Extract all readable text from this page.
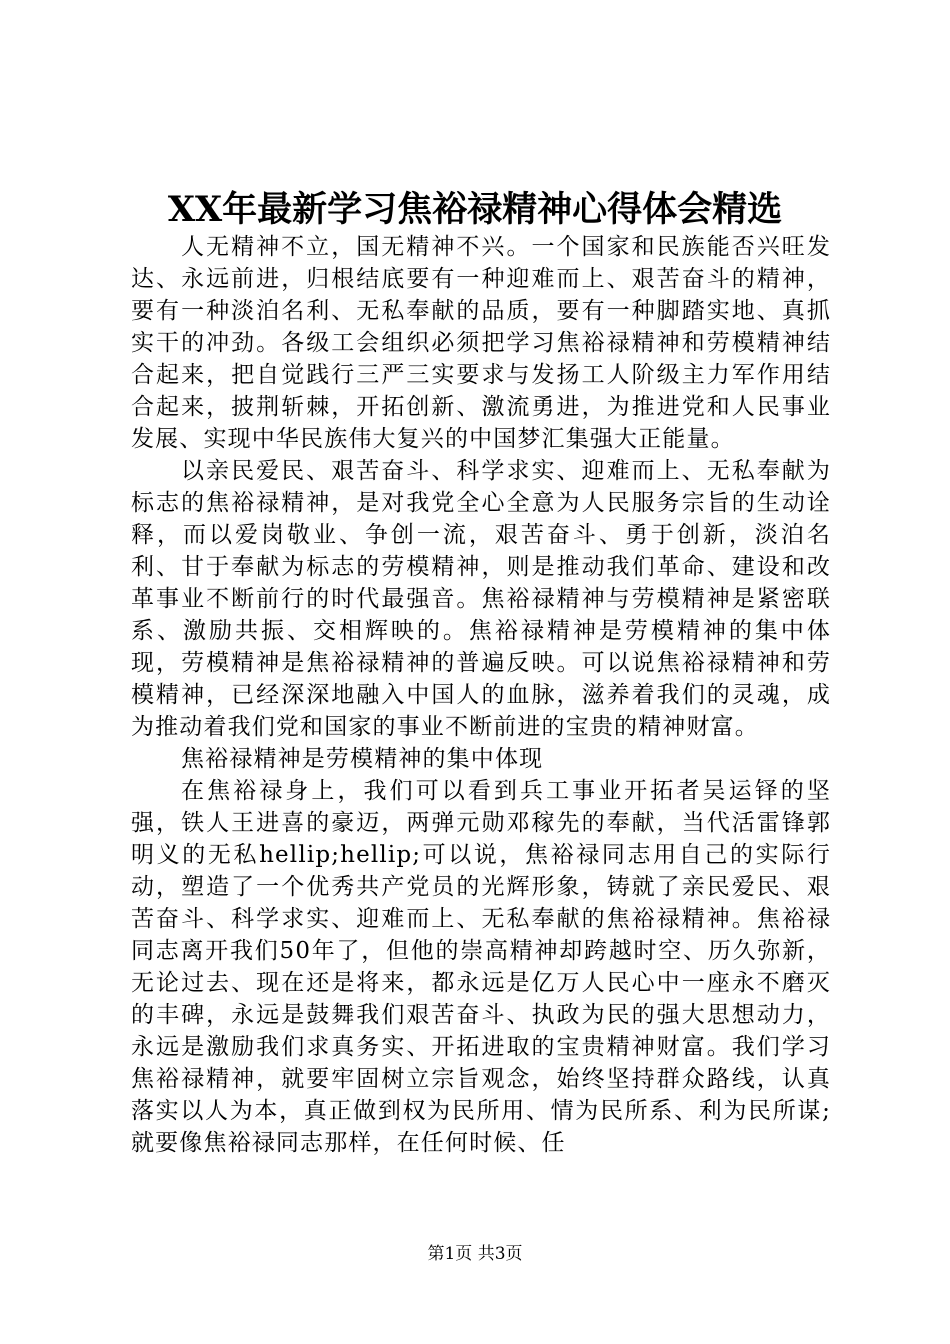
XX年最新学习焦裕禄精神心得体会精选

人无精神不立，国无精神不兴。一个国家和民族能否兴旺发达、永远前进，归根结底要有一种迎难而上、艰苦奋斗的精神，要有一种淡泊名利、无私奉献的品质，要有一种脚踏实地、真抓实干的冲劲。各级工会组织必须把学习焦裕禄精神和劳模精神结合起来，把自觉践行三严三实要求与发扬工人阶级主力军作用结合起来，披荆斩棘，开拓创新、激流勇进，为推进党和人民事业发展、实现中华民族伟大复兴的中国梦汇集强大正能量。

以亲民爱民、艰苦奋斗、科学求实、迎难而上、无私奉献为标志的焦裕禄精神，是对我党全心全意为人民服务宗旨的生动诠释，而以爱岗敬业、争创一流，艰苦奋斗、勇于创新，淡泊名利、甘于奉献为标志的劳模精神，则是推动我们革命、建设和改革事业不断前行的时代最强音。焦裕禄精神与劳模精神是紧密联系、激励共振、交相辉映的。焦裕禄精神是劳模精神的集中体现，劳模精神是焦裕禄精神的普遍反映。可以说焦裕禄精神和劳模精神，已经深深地融入中国人的血脉，滋养着我们的灵魂，成为推动着我们党和国家的事业不断前进的宝贵的精神财富。

焦裕禄精神是劳模精神的集中体现

在焦裕禄身上，我们可以看到兵工事业开拓者吴运铎的坚强，铁人王进喜的豪迈，两弹元勋邓稼先的奉献，当代活雷锋郭明义的无私hellip;hellip;可以说，焦裕禄同志用自己的实际行动，塑造了一个优秀共产党员的光辉形象，铸就了亲民爱民、艰苦奋斗、科学求实、迎难而上、无私奉献的焦裕禄精神。焦裕禄同志离开我们50年了，但他的崇高精神却跨越时空、历久弥新，无论过去、现在还是将来，都永远是亿万人民心中一座永不磨灭的丰碑，永远是鼓舞我们艰苦奋斗、执政为民的强大思想动力，永远是激励我们求真务实、开拓进取的宝贵精神财富。我们学习焦裕禄精神，就要牢固树立宗旨观念，始终坚持群众路线，认真落实以人为本，真正做到权为民所用、情为民所系、利为民所谋;就要像焦裕禄同志那样，在任何时候、任

第1页 共3页
